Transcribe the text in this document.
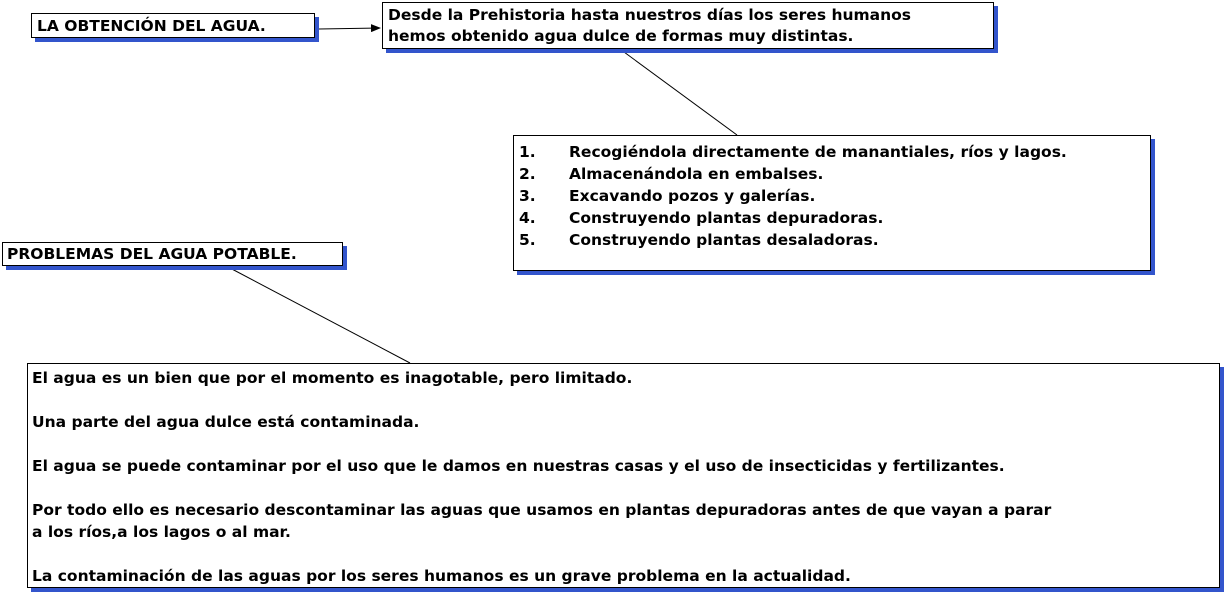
LA OBTENCIÓN DEL AGUA.
Desde la Prehistoria hasta nuestros días los seres humanos
hemos obtenido agua dulce de formas muy distintas.
1.	Recogiéndola directamente de manantiales, ríos y lagos.
2.	Almacenándola en embalses.
3.	Excavando pozos y galerías.
4.	Construyendo plantas depuradoras.
5.	Construyendo plantas desaladoras.
PROBLEMAS DEL AGUA POTABLE.

El agua es un bien que por el momento es inagotable, pero limitado.

Una parte del agua dulce está contaminada.

El agua se puede contaminar por el uso que le damos en nuestras casas y el uso de insecticidas y fertilizantes.

Por todo ello es necesario descontaminar las aguas que usamos en plantas depuradoras antes de que vayan a parar

a los ríos,a los lagos o al mar.

La contaminación de las aguas por los seres humanos es un grave problema en la actualidad.
